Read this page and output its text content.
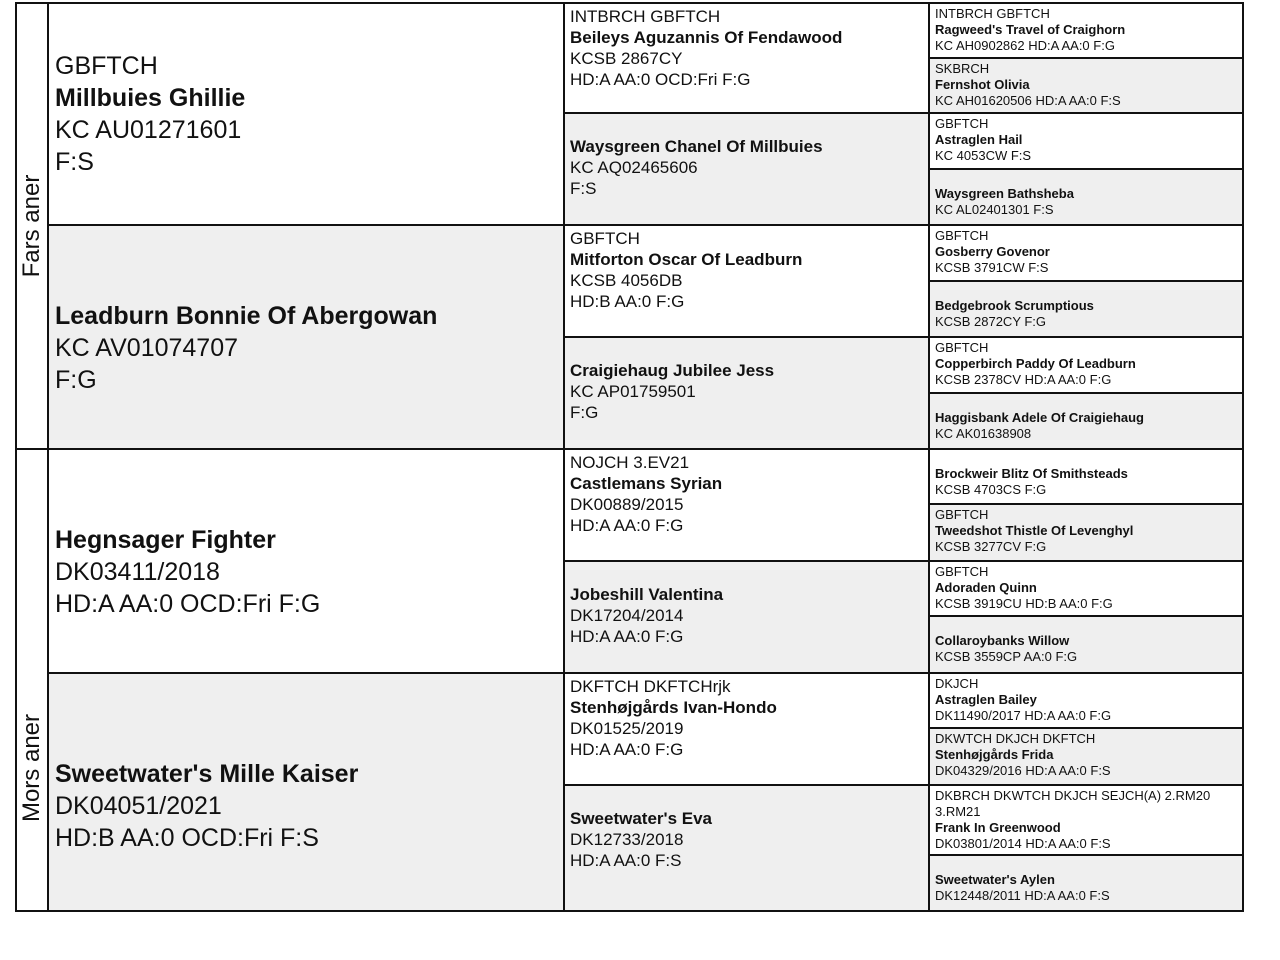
Fars aner
Mors aner
GBFTCH
Millbuies Ghillie
KC AU01271601
F:S
Leadburn Bonnie Of Abergowan
KC AV01074707
F:G
Hegnsager Fighter
DK03411/2018
HD:A AA:0 OCD:Fri F:G
Sweetwater's Mille Kaiser
DK04051/2021
HD:B AA:0 OCD:Fri F:S
INTBRCH GBFTCH
Beileys Aguzannis Of Fendawood
KCSB 2867CY
HD:A AA:0 OCD:Fri F:G
Waysgreen Chanel Of Millbuies
KC AQ02465606
F:S
GBFTCH
Mitforton Oscar Of Leadburn
KCSB 4056DB
HD:B AA:0 F:G
Craigiehaug Jubilee Jess
KC AP01759501
F:G
NOJCH 3.EV21
Castlemans Syrian
DK00889/2015
HD:A AA:0 F:G
Jobeshill Valentina
DK17204/2014
HD:A AA:0 F:G
DKFTCH DKFTCHrjk
Stenhøjgårds Ivan-Hondo
DK01525/2019
HD:A AA:0 F:G
Sweetwater's Eva
DK12733/2018
HD:A AA:0 F:S
INTBRCH GBFTCH
Ragweed's Travel of Craighorn
KC AH0902862 HD:A AA:0 F:G
SKBRCH
Fernshot Olivia
KC AH01620506 HD:A AA:0 F:S
GBFTCH
Astraglen Hail
KC 4053CW F:S
Waysgreen Bathsheba
KC AL02401301 F:S
GBFTCH
Gosberry Govenor
KCSB 3791CW F:S
Bedgebrook Scrumptious
KCSB 2872CY F:G
GBFTCH
Copperbirch Paddy Of Leadburn
KCSB 2378CV HD:A AA:0 F:G
Haggisbank Adele Of Craigiehaug
KC AK01638908
Brockweir Blitz Of Smithsteads
KCSB 4703CS F:G
GBFTCH
Tweedshot Thistle Of Levenghyl
KCSB 3277CV F:G
GBFTCH
Adoraden Quinn
KCSB 3919CU HD:B AA:0 F:G
Collaroybanks Willow
KCSB 3559CP AA:0 F:G
DKJCH
Astraglen Bailey
DK11490/2017 HD:A AA:0 F:G
DKWTCH DKJCH DKFTCH
Stenhøjgårds Frida
DK04329/2016 HD:A AA:0 F:S
DKBRCH DKWTCH DKJCH SEJCH(A) 2.RM20
3.RM21
Frank In Greenwood
DK03801/2014 HD:A AA:0 F:S
Sweetwater's Aylen
DK12448/2011 HD:A AA:0 F:S
